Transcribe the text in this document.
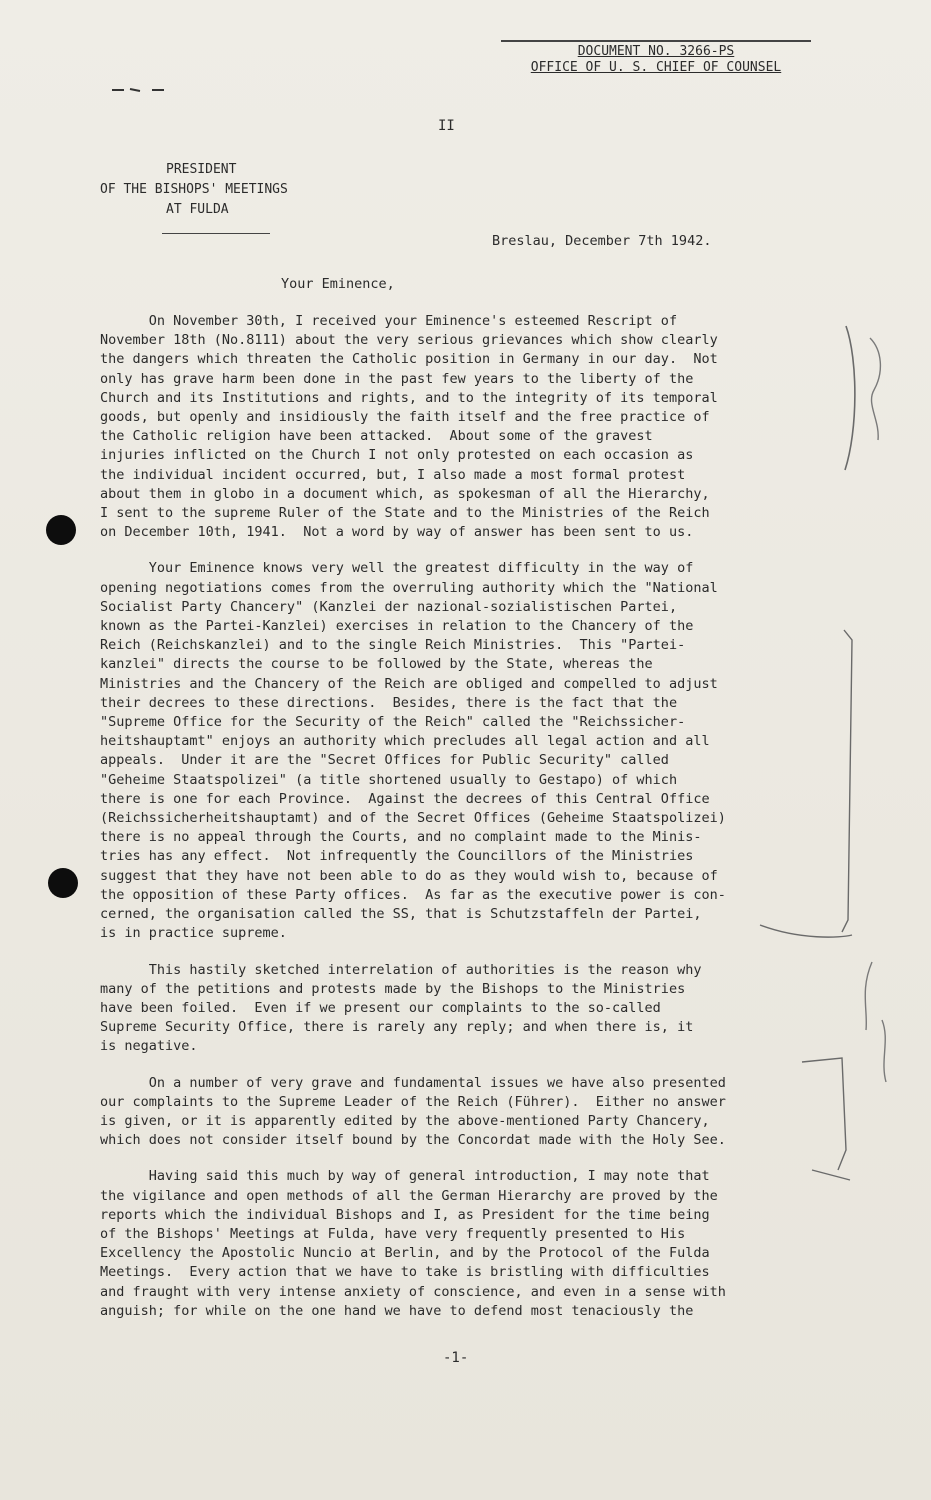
DOCUMENT NO. 3266-PS
OFFICE OF U. S. CHIEF OF COUNSEL
II
PRESIDENT
OF THE BISHOPS' MEETINGS
AT FULDA
Breslau, December 7th 1942.
Your Eminence,

On November 30th, I received your Eminence's esteemed Rescript of
November 18th (No.8111) about the very serious grievances which show clearly
the dangers which threaten the Catholic position in Germany in our day.  Not
only has grave harm been done in the past few years to the liberty of the
Church and its Institutions and rights, and to the integrity of its temporal
goods, but openly and insidiously the faith itself and the free practice of
the Catholic religion have been attacked.  About some of the gravest
injuries inflicted on the Church I not only protested on each occasion as
the individual incident occurred, but, I also made a most formal protest
about them in globo in a document which, as spokesman of all the Hierarchy,
I sent to the supreme Ruler of the State and to the Ministries of the Reich
on December 10th, 1941.  Not a word by way of answer has been sent to us.

Your Eminence knows very well the greatest difficulty in the way of
opening negotiations comes from the overruling authority which the "National
Socialist Party Chancery" (Kanzlei der nazional-sozialistischen Partei,
known as the Partei-Kanzlei) exercises in relation to the Chancery of the
Reich (Reichskanzlei) and to the single Reich Ministries.  This "Partei-
kanzlei" directs the course to be followed by the State, whereas the
Ministries and the Chancery of the Reich are obliged and compelled to adjust
their decrees to these directions.  Besides, there is the fact that the
"Supreme Office for the Security of the Reich" called the "Reichssicher-
heitshauptamt" enjoys an authority which precludes all legal action and all
appeals.  Under it are the "Secret Offices for Public Security" called
"Geheime Staatspolizei" (a title shortened usually to Gestapo) of which
there is one for each Province.  Against the decrees of this Central Office
(Reichssicherheitshauptamt) and of the Secret Offices (Geheime Staatspolizei)
there is no appeal through the Courts, and no complaint made to the Minis-
tries has any effect.  Not infrequently the Councillors of the Ministries
suggest that they have not been able to do as they would wish to, because of
the opposition of these Party offices.  As far as the executive power is con-
cerned, the organisation called the SS, that is Schutzstaffeln der Partei,
is in practice supreme.

This hastily sketched interrelation of authorities is the reason why
many of the petitions and protests made by the Bishops to the Ministries
have been foiled.  Even if we present our complaints to the so-called
Supreme Security Office, there is rarely any reply; and when there is, it
is negative.

On a number of very grave and fundamental issues we have also presented
our complaints to the Supreme Leader of the Reich (Führer).  Either no answer
is given, or it is apparently edited by the above-mentioned Party Chancery,
which does not consider itself bound by the Concordat made with the Holy See.

Having said this much by way of general introduction, I may note that
the vigilance and open methods of all the German Hierarchy are proved by the
reports which the individual Bishops and I, as President for the time being
of the Bishops' Meetings at Fulda, have very frequently presented to His
Excellency the Apostolic Nuncio at Berlin, and by the Protocol of the Fulda
Meetings.  Every action that we have to take is bristling with difficulties
and fraught with very intense anxiety of conscience, and even in a sense with
anguish; for while on the one hand we have to defend most tenaciously the

-1-
